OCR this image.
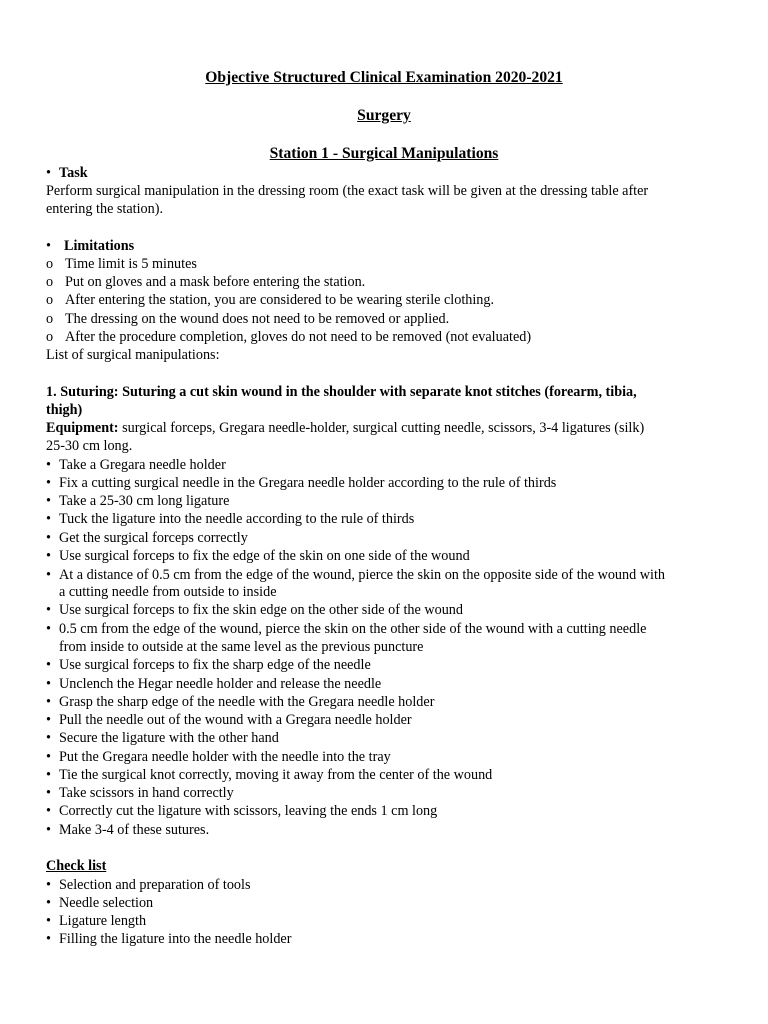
Objective Structured Clinical Examination 2020-2021
Surgery
Station 1 - Surgical Manipulations
• Task
Perform surgical manipulation in the dressing room (the exact task will be given at the dressing table after
entering the station).
• Limitations
o Time limit is 5 minutes
o Put on gloves and a mask before entering the station.
o After entering the station, you are considered to be wearing sterile clothing.
o The dressing on the wound does not need to be removed or applied.
o After the procedure completion, gloves do not need to be removed (not evaluated)
List of surgical manipulations:
1. Suturing: Suturing a cut skin wound in the shoulder with separate knot stitches (forearm, tibia,
thigh)
Equipment: surgical forceps, Gregara needle-holder, surgical cutting needle, scissors, 3-4 ligatures (silk)
25-30 cm long.
• Take a Gregara needle holder
• Fix a cutting surgical needle in the Gregara needle holder according to the rule of thirds
• Take a 25-30 cm long ligature
• Tuck the ligature into the needle according to the rule of thirds
• Get the surgical forceps correctly
• Use surgical forceps to fix the edge of the skin on one side of the wound
• At a distance of 0.5 cm from the edge of the wound, pierce the skin on the opposite side of the wound with
a cutting needle from outside to inside
• Use surgical forceps to fix the skin edge on the other side of the wound
• 0.5 cm from the edge of the wound, pierce the skin on the other side of the wound with a cutting needle
from inside to outside at the same level as the previous puncture
• Use surgical forceps to fix the sharp edge of the needle
• Unclench the Hegar needle holder and release the needle
• Grasp the sharp edge of the needle with the Gregara needle holder
• Pull the needle out of the wound with a Gregara needle holder
• Secure the ligature with the other hand
• Put the Gregara needle holder with the needle into the tray
• Tie the surgical knot correctly, moving it away from the center of the wound
• Take scissors in hand correctly
• Correctly cut the ligature with scissors, leaving the ends 1 cm long
• Make 3-4 of these sutures.
Check list
• Selection and preparation of tools
• Needle selection
• Ligature length
• Filling the ligature into the needle holder
